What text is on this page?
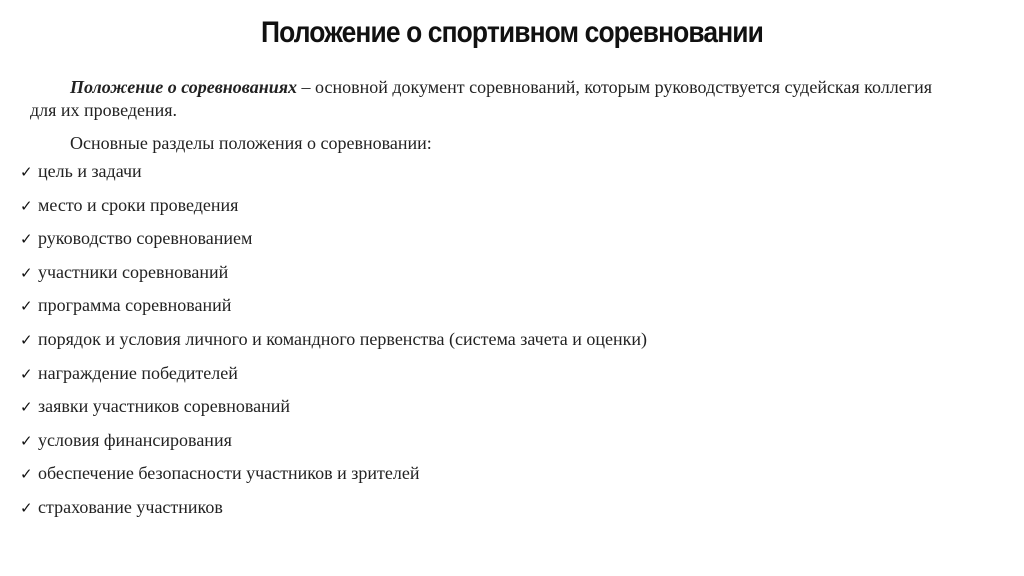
Положение о спортивном соревновании

Положение о соревнованиях – основной документ соревнований, которым руководствуется судейская коллегия для их проведения.

Основные разделы положения о соревновании:

✓ цель и задачи
✓ место и сроки проведения
✓ руководство соревнованием
✓ участники соревнований
✓ программа соревнований
✓ порядок и условия личного и командного первенства (система зачета и оценки)
✓ награждение победителей
✓ заявки участников соревнований
✓ условия финансирования
✓ обеспечение безопасности участников и зрителей
✓ страхование участников
